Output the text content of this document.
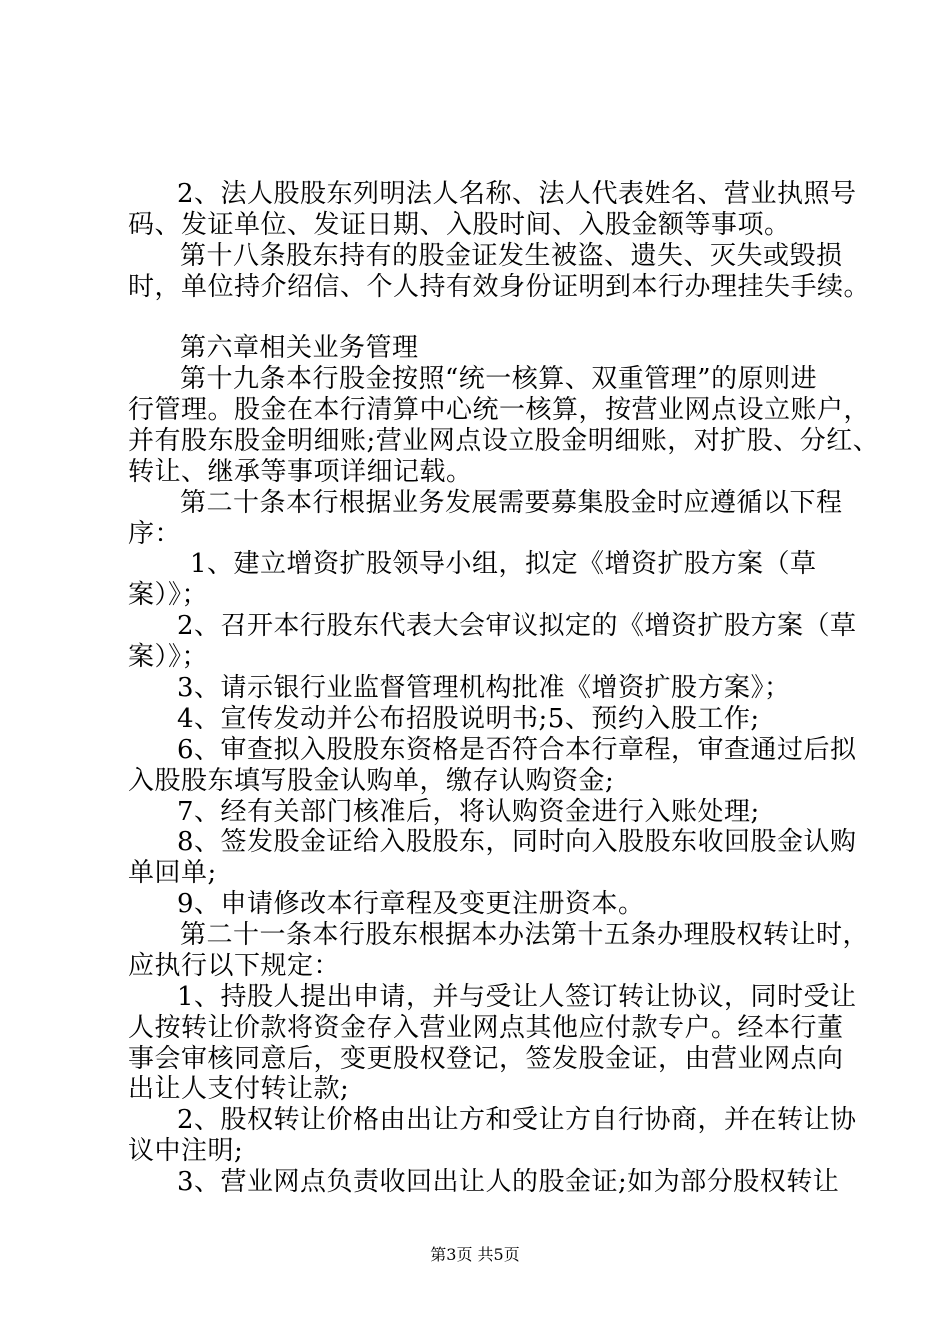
2、法人股股东列明法人名称、法人代表姓名、营业执照号
码、发证单位、发证日期、入股时间、入股金额等事项。
第十八条股东持有的股金证发生被盗、遗失、灭失或毁损
时，单位持介绍信、个人持有效身份证明到本行办理挂失手续。
第六章相关业务管理
第十九条本行股金按照“统一核算、双重管理”的原则进
行管理。股金在本行清算中心统一核算，按营业网点设立账户，
并有股东股金明细账;营业网点设立股金明细账，对扩股、分红、
转让、继承等事项详细记载。
第二十条本行根据业务发展需要募集股金时应遵循以下程
序：
1、建立增资扩股领导小组，拟定《增资扩股方案（草
案）》；
2、召开本行股东代表大会审议拟定的《增资扩股方案（草
案）》；
3、请示银行业监督管理机构批准《增资扩股方案》；
4、宣传发动并公布招股说明书;5、预约入股工作;
6、审查拟入股股东资格是否符合本行章程，审查通过后拟
入股股东填写股金认购单，缴存认购资金;
7、经有关部门核准后，将认购资金进行入账处理;
8、签发股金证给入股股东，同时向入股股东收回股金认购
单回单;
9、申请修改本行章程及变更注册资本。
第二十一条本行股东根据本办法第十五条办理股权转让时，
应执行以下规定：
1、持股人提出申请，并与受让人签订转让协议，同时受让
人按转让价款将资金存入营业网点其他应付款专户。经本行董
事会审核同意后，变更股权登记，签发股金证，由营业网点向
出让人支付转让款;
2、股权转让价格由出让方和受让方自行协商，并在转让协
议中注明;
3、营业网点负责收回出让人的股金证;如为部分股权转让
第3页 共5页
